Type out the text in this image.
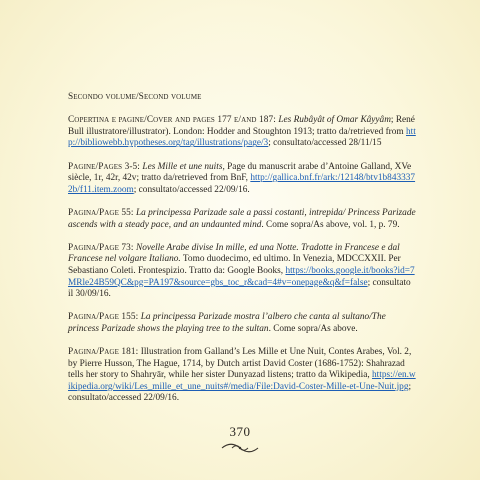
Secondo volume/Second volume

Copertina e pagine/Cover and pages 177 e/and 187: Les Rubâyât of Omar Kâyyâm; René Bull illustratore/illustrator). London: Hodder and Stoughton 1913; tratto da/retrieved from http://bibliowebb.hypotheses.org/tag/illustrations/page/3; consultato/accessed 28/11/15

Pagine/Pages 3-5: Les Mille et une nuits, Page du manuscrit arabe d’Antoine Galland, XVe siècle, 1r, 42r, 42v; tratto da/retrieved from BnF, http://gallica.bnf.fr/ark:/12148/btv1b8433372b/f11.item.zoom; consultato/accessed 22/09/16.

Pagina/Page 55: La principessa Parizade sale a passi costanti, intrepida/ Princess Parizade ascends with a steady pace, and an undaunted mind. Come sopra/As above, vol. 1, p. 79.

Pagina/Page 73: Novelle Arabe divise In mille, ed una Notte. Tradotte in Francese e dal Francese nel volgare Italiano. Tomo duodecimo, ed ultimo. In Venezia, MDCCXXII. Per Sebastiano Coleti. Frontespizio. Tratto da: Google Books, https://books.google.it/books?id=7MRle24B59QC&pg=PA197&source=gbs_toc_r&cad=4#v=onepage&q&f=false; consultato il 30/09/16.

Pagina/Page 155: La principessa Parizade mostra l’albero che canta al sultano/The princess Parizade shows the playing tree to the sultan. Come sopra/As above.

Pagina/Page 181: Illustration from Galland’s Les Mille et Une Nuit, Contes Arabes, Vol. 2, by Pierre Husson, The Hague, 1714, by Dutch artist David Coster (1686-1752): Shahrazad tells her story to Shahryār, while her sister Dunyazad listens; tratto da Wikipedia, https://en.wikipedia.org/wiki/Les_mille_et_une_nuits#/media/File:David-Coster-Mille-et-Une-Nuit.jpg; consultato/accessed 22/09/16.

370
